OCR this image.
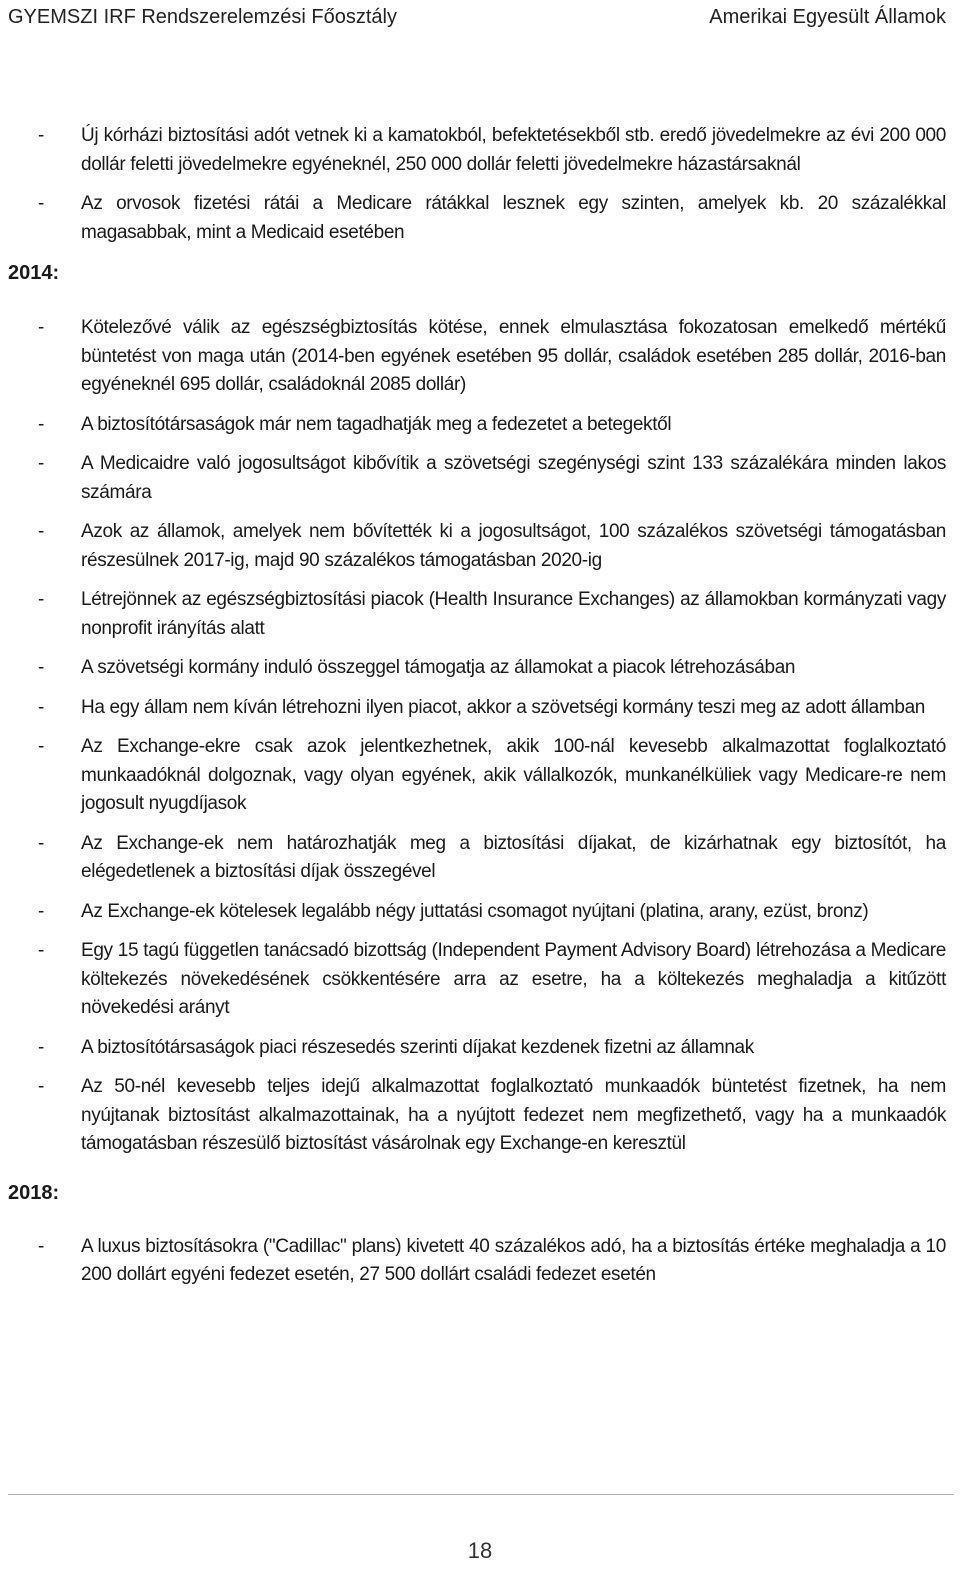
GYEMSZI IRF Rendszerelemzési Főosztály	Amerikai Egyesült Államok
- Új kórházi biztosítási adót vetnek ki a kamatokból, befektetésekből stb. eredő jövedelmekre az évi 200 000 dollár feletti jövedelmekre egyéneknél, 250 000 dollár feletti jövedelmekre házastársaknál
- Az orvosok fizetési rátái a Medicare rátákkal lesznek egy szinten, amelyek kb. 20 százalékkal magasabbak, mint a Medicaid esetében
2014:
- Kötelezővé válik az egészségbiztosítás kötése, ennek elmulasztása fokozatosan emelkedő mértékű büntetést von maga után (2014-ben egyének esetében 95 dollár, családok esetében 285 dollár, 2016-ban egyéneknél 695 dollár, családoknál 2085 dollár)
- A biztosítótársaságok már nem tagadhatják meg a fedezetet a betegektől
- A Medicaidre való jogosultságot kibővítik a szövetségi szegénységi szint 133 százalékára minden lakos számára
- Azok az államok, amelyek nem bővítették ki a jogosultságot, 100 százalékos szövetségi támogatásban részesülnek 2017-ig, majd 90 százalékos támogatásban 2020-ig
- Létrejönnek az egészségbiztosítási piacok (Health Insurance Exchanges) az államokban kormányzati vagy nonprofit irányítás alatt
- A szövetségi kormány induló összeggel támogatja az államokat a piacok létrehozásában
- Ha egy állam nem kíván létrehozni ilyen piacot, akkor a szövetségi kormány teszi meg az adott államban
- Az Exchange-ekre csak azok jelentkezhetnek, akik 100-nál kevesebb alkalmazottat foglalkoztató munkaadóknál dolgoznak, vagy olyan egyének, akik vállalkozók, munkanélküliek vagy Medicare-re nem jogosult nyugdíjasok
- Az Exchange-ek nem határozhatják meg a biztosítási díjakat, de kizárhatnak egy biztosítót, ha elégedetlenek a biztosítási díjak összegével
- Az Exchange-ek kötelesek legalább négy juttatási csomagot nyújtani (platina, arany, ezüst, bronz)
- Egy 15 tagú független tanácsadó bizottság (Independent Payment Advisory Board) létrehozása a Medicare költekezés növekedésének csökkentésére arra az esetre, ha a költekezés meghaladja a kitűzött növekedési arányt
- A biztosítótársaságok piaci részesedés szerinti díjakat kezdenek fizetni az államnak
- Az 50-nél kevesebb teljes idejű alkalmazottat foglalkoztató munkaadók büntetést fizetnek, ha nem nyújtanak biztosítást alkalmazottainak, ha a nyújtott fedezet nem megfizethető, vagy ha a munkaadók támogatásban részesülő biztosítást vásárolnak egy Exchange-en keresztül
2018:
- A luxus biztosításokra ("Cadillac" plans) kivetett 40 százalékos adó, ha a biztosítás értéke meghaladja a 10 200 dollárt egyéni fedezet esetén, 27 500 dollárt családi fedezet esetén
18
